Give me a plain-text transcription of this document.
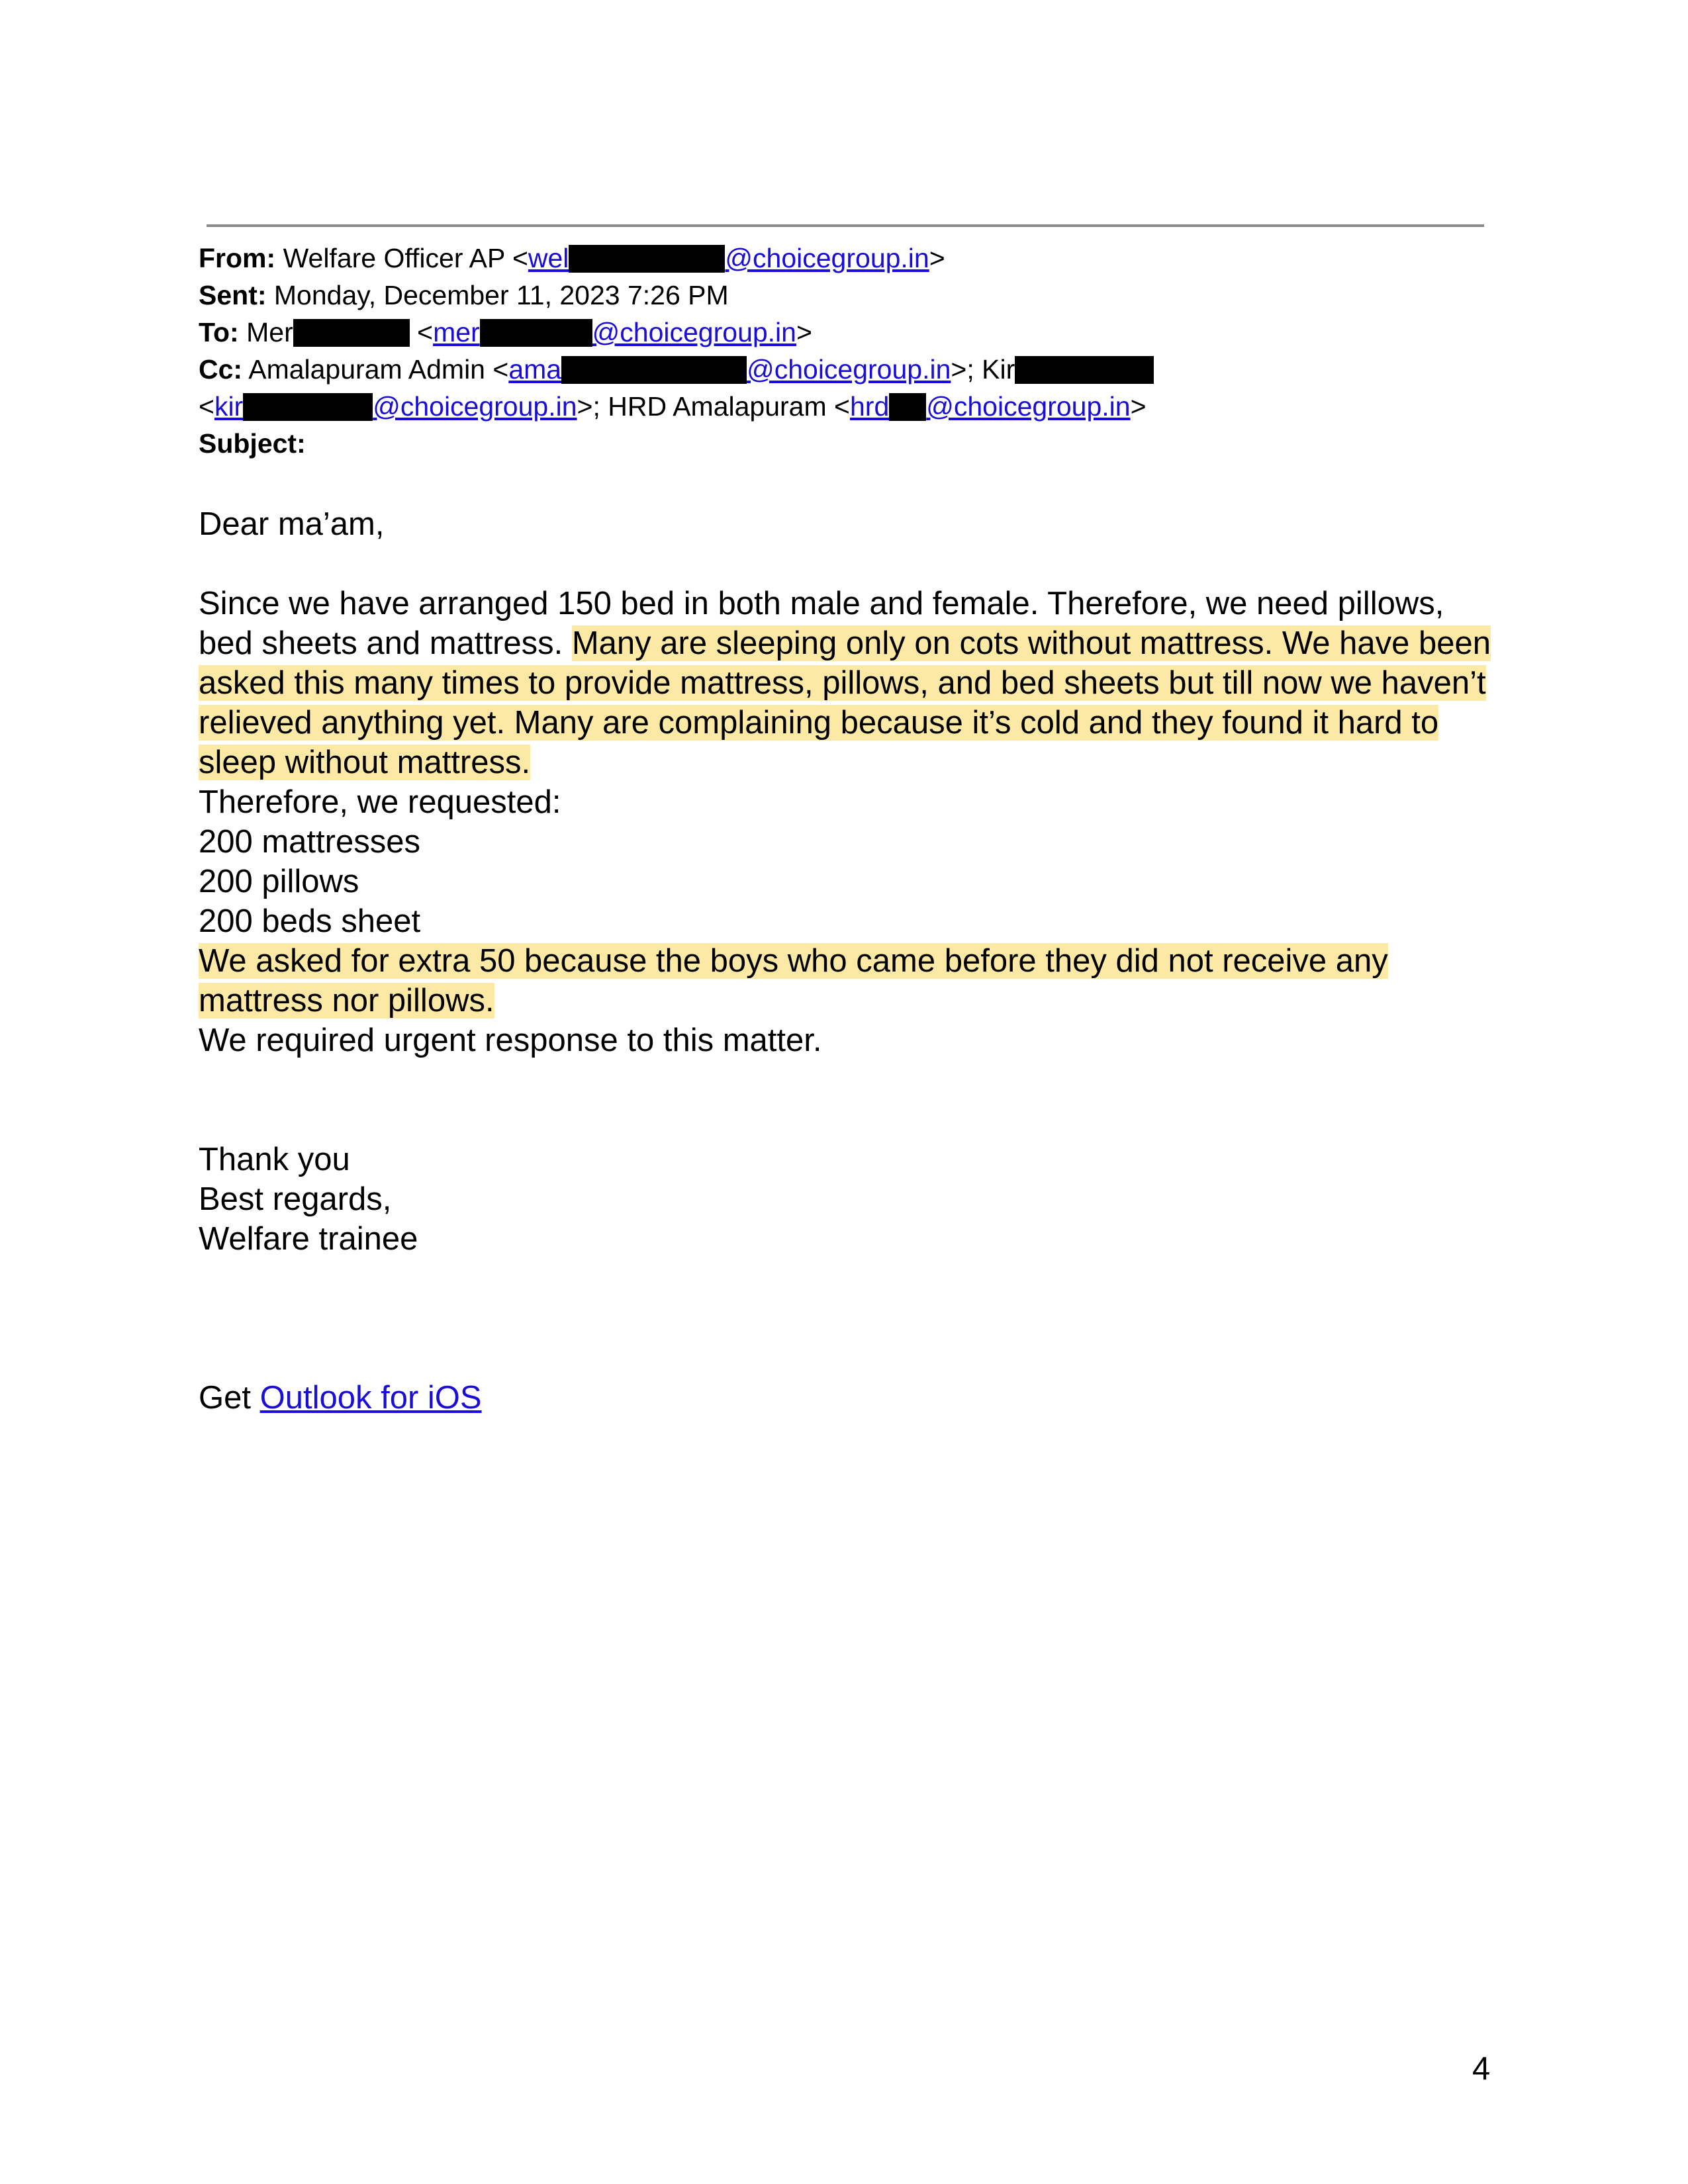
From: Welfare Officer AP <wel	@choicegroup.in>
Sent: Monday, December 11, 2023 7:26 PM
To: Mer	<mer	@choicegroup.in>
Cc: Amalapuram Admin <ama	@choicegroup.in>; Kir
<kir	@choicegroup.in>; HRD Amalapuram <hrd @choicegroup.in>
Subject:

Dear ma’am,

Since we have arranged 150 bed in both male and female. Therefore, we need pillows, bed sheets and mattress. Many are sleeping only on cots without mattress. We have been asked this many times to provide mattress, pillows, and bed sheets but till now we haven’t relieved anything yet. Many are complaining because it’s cold and they found it hard to sleep without mattress.

Therefore, we requested:

200 mattresses

200 pillows

200 beds sheet

We asked for extra 50 because the boys who came before they did not receive any mattress nor pillows.

We required urgent response to this matter.

Thank you

Best regards,

Welfare trainee

Get Outlook for iOS

4
